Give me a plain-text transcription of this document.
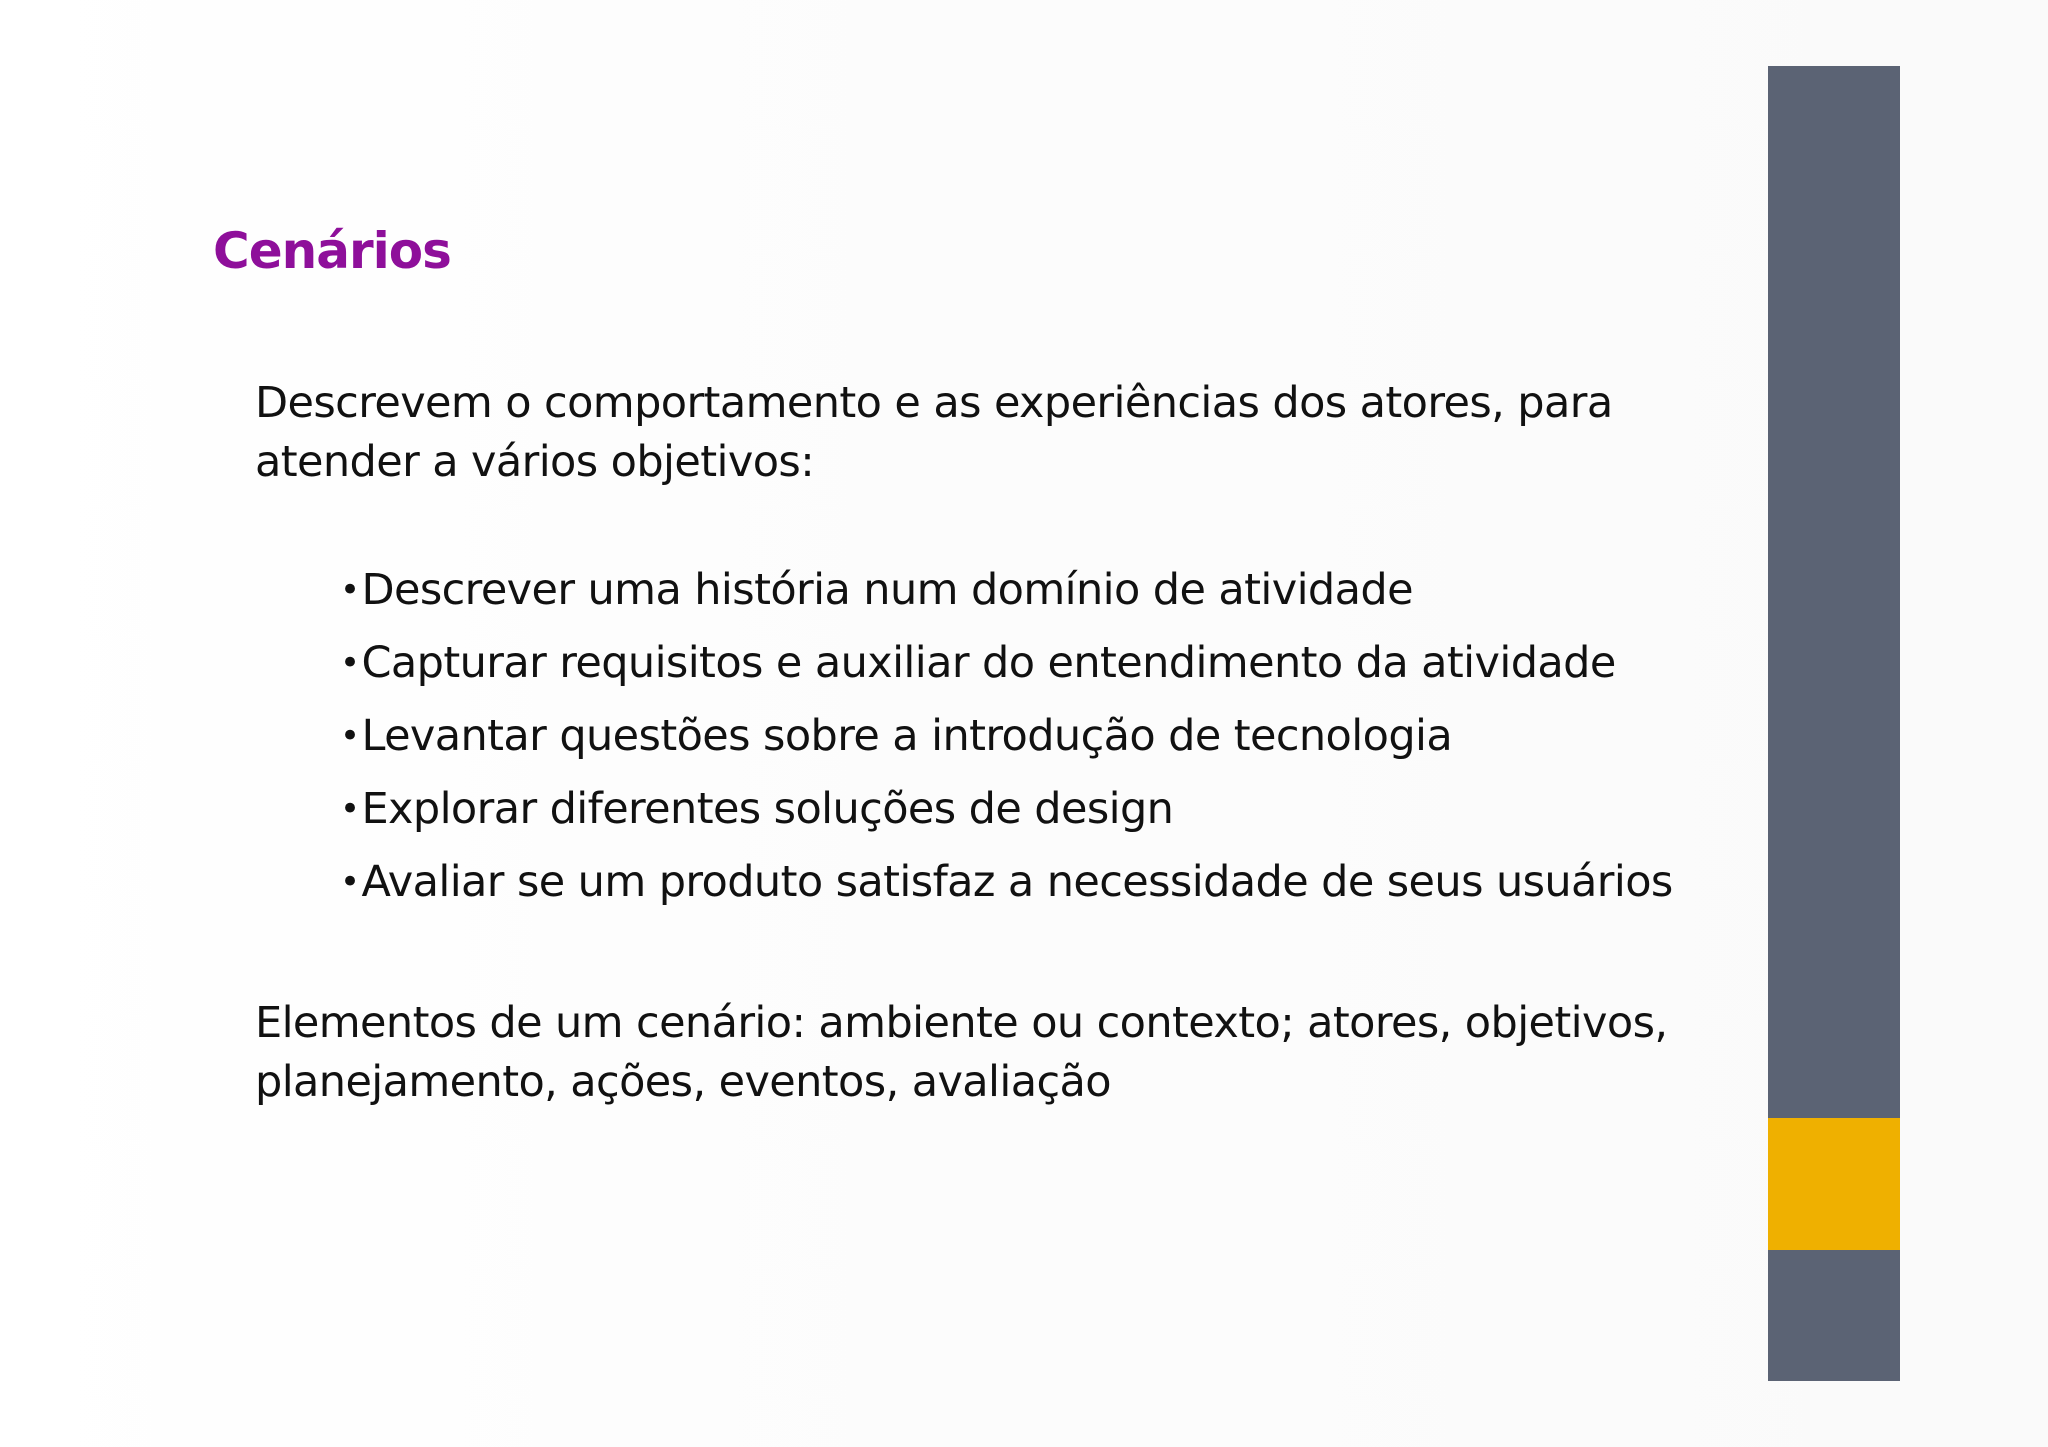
Cenários

Descrevem o comportamento e as experiências dos atores, para atender a vários objetivos:

•Descrever uma história num domínio de atividade
•Capturar requisitos e auxiliar do entendimento da atividade
•Levantar questões sobre a introdução de tecnologia
•Explorar diferentes soluções de design
•Avaliar se um produto satisfaz a necessidade de seus usuários

Elementos de um cenário: ambiente ou contexto; atores, objetivos, planejamento, ações, eventos, avaliação
